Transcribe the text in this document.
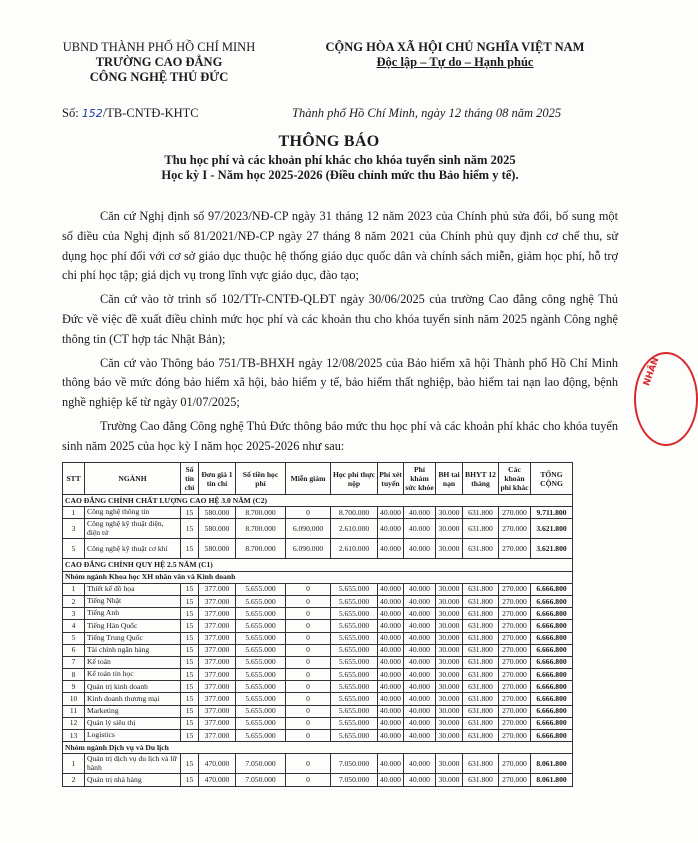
UBND THÀNH PHỐ HỒ CHÍ MINH
TRƯỜNG CAO ĐẲNG
CÔNG NGHỆ THỦ ĐỨC
CỘNG HÒA XÃ HỘI CHỦ NGHĨA VIỆT NAM
Độc lập – Tự do – Hạnh phúc
Số: 152/TB-CNTĐ-KHTC	Thành phố Hồ Chí Minh, ngày 12 tháng 08 năm 2025
THÔNG BÁO
Thu học phí và các khoản phí khác cho khóa tuyển sinh năm 2025
Học kỳ I - Năm học 2025-2026 (Điều chỉnh mức thu Bảo hiểm y tế).

Căn cứ Nghị định số 97/2023/NĐ-CP ngày 31 tháng 12 năm 2023 của Chính phủ sửa đổi, bổ sung một số điều của Nghị định số 81/2021/NĐ-CP ngày 27 tháng 8 năm 2021 của Chính phủ quy định cơ chế thu, sử dụng học phí đối với cơ sở giáo dục thuộc hệ thống giáo dục quốc dân và chính sách miễn, giảm học phí, hỗ trợ chi phí học tập; giá dịch vụ trong lĩnh vực giáo dục, đào tạo;

Căn cứ vào tờ trình số 102/TTr-CNTĐ-QLĐT ngày 30/06/2025 của trường Cao đẳng công nghệ Thủ Đức về việc đề xuất điều chỉnh mức học phí và các khoản thu cho khóa tuyển sinh năm 2025 ngành Công nghệ thông tin (CT hợp tác Nhật Bản);

Căn cứ vào Thông báo 751/TB-BHXH ngày 12/08/2025 của Bảo hiểm xã hội Thành phố Hồ Chí Minh thông báo về mức đóng bảo hiểm xã hội, bảo hiểm y tế, bảo hiểm thất nghiệp, bảo hiểm tai nạn lao động, bệnh nghề nghiệp kể từ ngày 01/07/2025;

Trường Cao đẳng Công nghệ Thủ Đức thông báo mức thu học phí và các khoản phí khác cho khóa tuyển sinh năm 2025 của học kỳ I năm học 2025-2026 như sau:

NHÂN
STT	NGÀNH	Số tín chỉ	Đơn giá 1 tín chỉ	Số tiền học phí	Miễn giảm	Học phí thực nộp	Phí xét tuyển	Phí khám sức khỏe	BH tai nạn	BHYT 12 tháng	Các khoản phí khác	TỔNG CỘNG
CAO ĐẲNG CHÍNH CHẤT LƯỢNG CAO HỆ 3.0 NĂM (C2)												
1	Công nghệ thông tin	15	580.000	8.700.000	0	8.700.000	40.000	40.000	30.000	631.800	270.000	9.711.800
3	Công nghệ kỹ thuật điện, điện tử	15	580.000	8.700.000	6.090.000	2.610.000	40.000	40.000	30.000	631.800	270.000	3.621.800
5	Công nghệ kỹ thuật cơ khí	15	580.000	8.700.000	6.090.000	2.610.000	40.000	40.000	30.000	631.800	270.000	3.621.800
CAO ĐẲNG CHÍNH QUY HỆ 2.5 NĂM (C1)												
Nhóm ngành Khoa học XH nhân văn và Kinh doanh												
1	Thiết kế đồ họa	15	377.000	5.655.000	0	5.655.000	40.000	40.000	30.000	631.800	270.000	6.666.800
2	Tiếng Nhật	15	377.000	5.655.000	0	5.655.000	40.000	40.000	30.000	631.800	270.000	6.666.800
3	Tiếng Anh	15	377.000	5.655.000	0	5.655.000	40.000	40.000	30.000	631.800	270.000	6.666.800
4	Tiếng Hàn Quốc	15	377.000	5.655.000	0	5.655.000	40.000	40.000	30.000	631.800	270.000	6.666.800
5	Tiếng Trung Quốc	15	377.000	5.655.000	0	5.655.000	40.000	40.000	30.000	631.800	270.000	6.666.800
6	Tài chính ngân hàng	15	377.000	5.655.000	0	5.655.000	40.000	40.000	30.000	631.800	270.000	6.666.800
7	Kế toán	15	377.000	5.655.000	0	5.655.000	40.000	40.000	30.000	631.800	270.000	6.666.800
8	Kế toán tin học	15	377.000	5.655.000	0	5.655.000	40.000	40.000	30.000	631.800	270.000	6.666.800
9	Quản trị kinh doanh	15	377.000	5.655.000	0	5.655.000	40.000	40.000	30.000	631.800	270.000	6.666.800
10	Kinh doanh thương mại	15	377.000	5.655.000	0	5.655.000	40.000	40.000	30.000	631.800	270.000	6.666.800
11	Marketing	15	377.000	5.655.000	0	5.655.000	40.000	40.000	30.000	631.800	270.000	6.666.800
12	Quản lý siêu thị	15	377.000	5.655.000	0	5.655.000	40.000	40.000	30.000	631.800	270.000	6.666.800
13	Logistics	15	377.000	5.655.000	0	5.655.000	40.000	40.000	30.000	631.800	270.000	6.666.800
Nhóm ngành Dịch vụ và Du lịch												
1	Quản trị dịch vụ du lịch và lữ hành	15	470.000	7.050.000	0	7.050.000	40.000	40.000	30.000	631.800	270.000	8.061.800
2	Quản trị nhà hàng	15	470.000	7.050.000	0	7.050.000	40.000	40.000	30.000	631.800	270.000	8.061.800
